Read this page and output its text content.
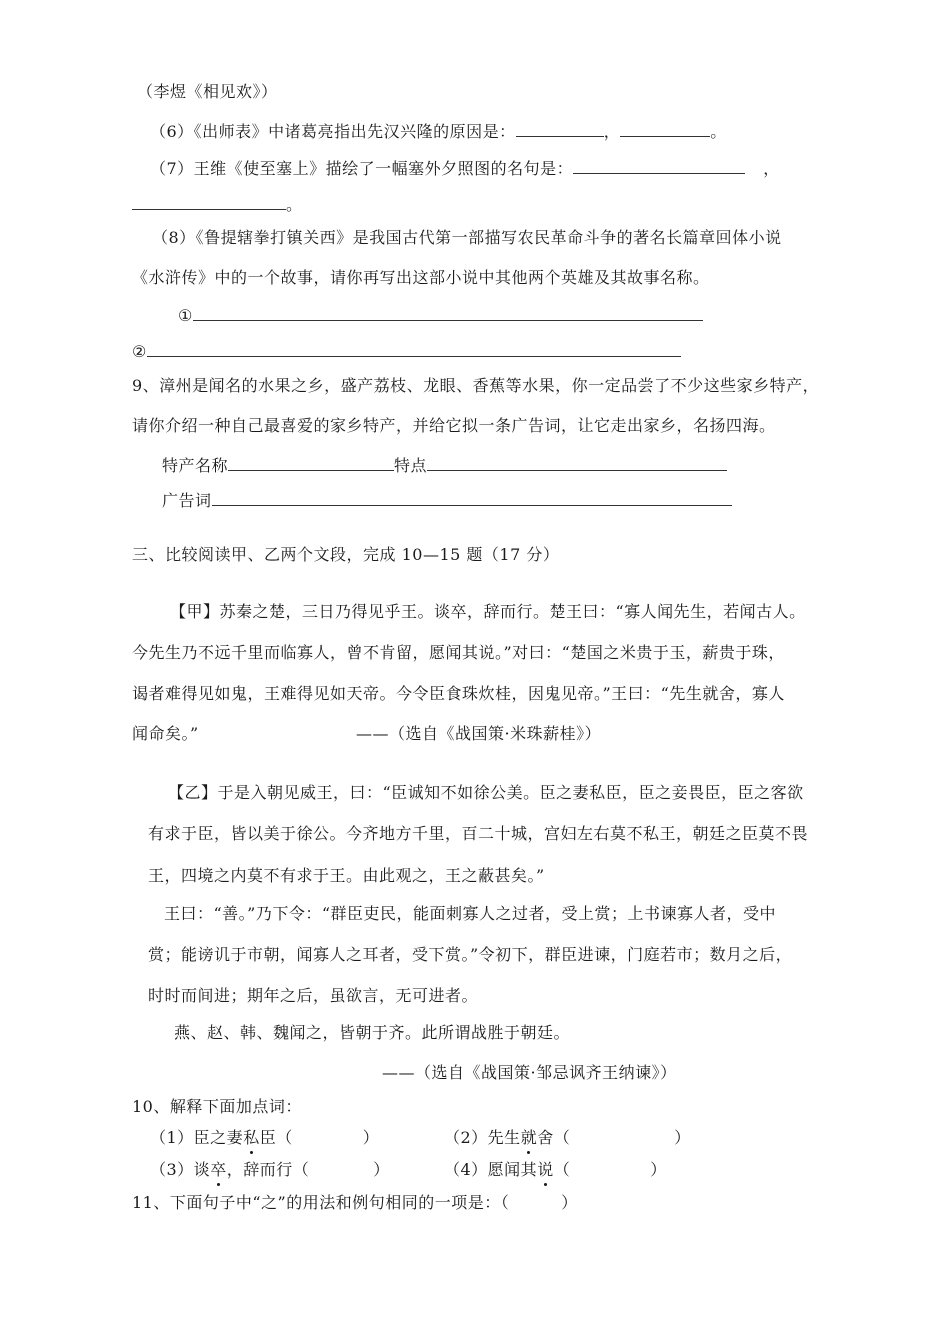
（李煜《相见欢》）
（6）《出师表》中诸葛亮指出先汉兴隆的原因是：	，	。
（7）王维《使至塞上》描绘了一幅塞外夕照图的名句是：	，
。
（8）《鲁提辖拳打镇关西》是我国古代第一部描写农民革命斗争的著名长篇章回体小说
《水浒传》中的一个故事，请你再写出这部小说中其他两个英雄及其故事名称。
①
②
9、漳州是闻名的水果之乡，盛产荔枝、龙眼、香蕉等水果，你一定品尝了不少这些家乡特产，
请你介绍一种自己最喜爱的家乡特产，并给它拟一条广告词，让它走出家乡，名扬四海。
特产名称	特点
广告词
三、比较阅读甲、乙两个文段，完成 10—15 题（17 分）
【甲】苏秦之楚，三日乃得见乎王。谈卒，辞而行。楚王曰：“寡人闻先生，若闻古人。
今先生乃不远千里而临寡人，曾不肯留，愿闻其说。”对曰：“楚国之米贵于玉，薪贵于珠，
谒者难得见如鬼，王难得见如天帝。今令臣食珠炊桂，因鬼见帝。”王曰：“先生就舍，寡人
闻命矣。”	——（选自《战国策·米珠薪桂》）
【乙】于是入朝见威王，曰：“臣诚知不如徐公美。臣之妻私臣，臣之妾畏臣，臣之客欲
有求于臣，皆以美于徐公。今齐地方千里，百二十城，宫妇左右莫不私王，朝廷之臣莫不畏
王，四境之内莫不有求于王。由此观之，王之蔽甚矣。”
王曰：“善。”乃下令：“群臣吏民，能面刺寡人之过者，受上赏；上书谏寡人者，受中
赏；能谤讥于市朝，闻寡人之耳者，受下赏。”令初下，群臣进谏，门庭若市；数月之后，
时时而间进；期年之后，虽欲言，无可进者。
燕、赵、韩、魏闻之，皆朝于齐。此所谓战胜于朝廷。
——（选自《战国策·邹忌讽齐王纳谏》）
10、解释下面加点词：
（1）臣之妻私臣（	）	（2）先生就舍（	）
（3）谈卒，辞而行（	）	（4）愿闻其说（	）
11、下面句子中“之”的用法和例句相同的一项是：（	）
